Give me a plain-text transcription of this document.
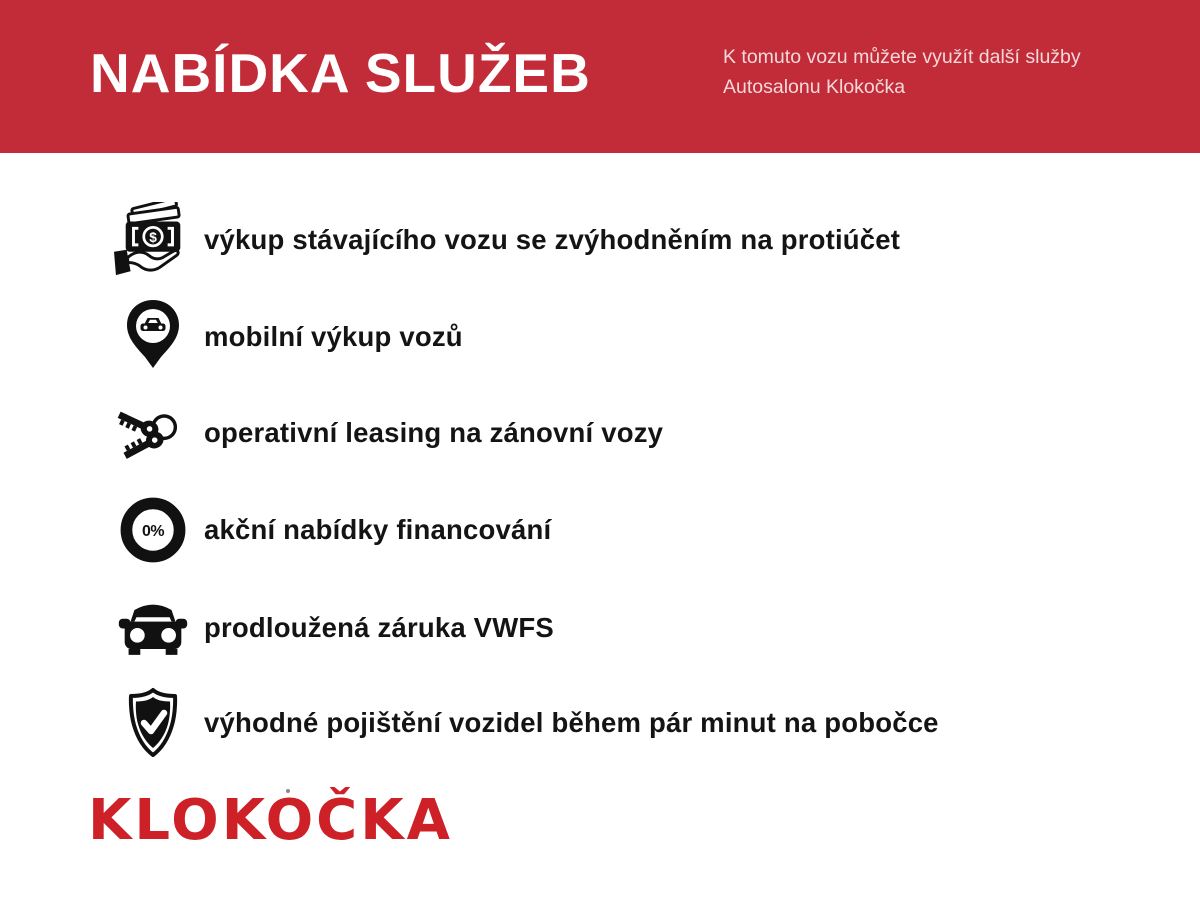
NABÍDKA SLUŽEB	K tomuto vozu můžete využít další služby Autosalonu Klokočka
$ výkup stávajícího vozu se zvýhodněním na protiúčet
mobilní výkup vozů
operativní leasing na zánovní vozy
0% akční nabídky financování
prodloužená záruka VWFS
výhodné pojištění vozidel během pár minut na pobočce
KLOKOČKA
